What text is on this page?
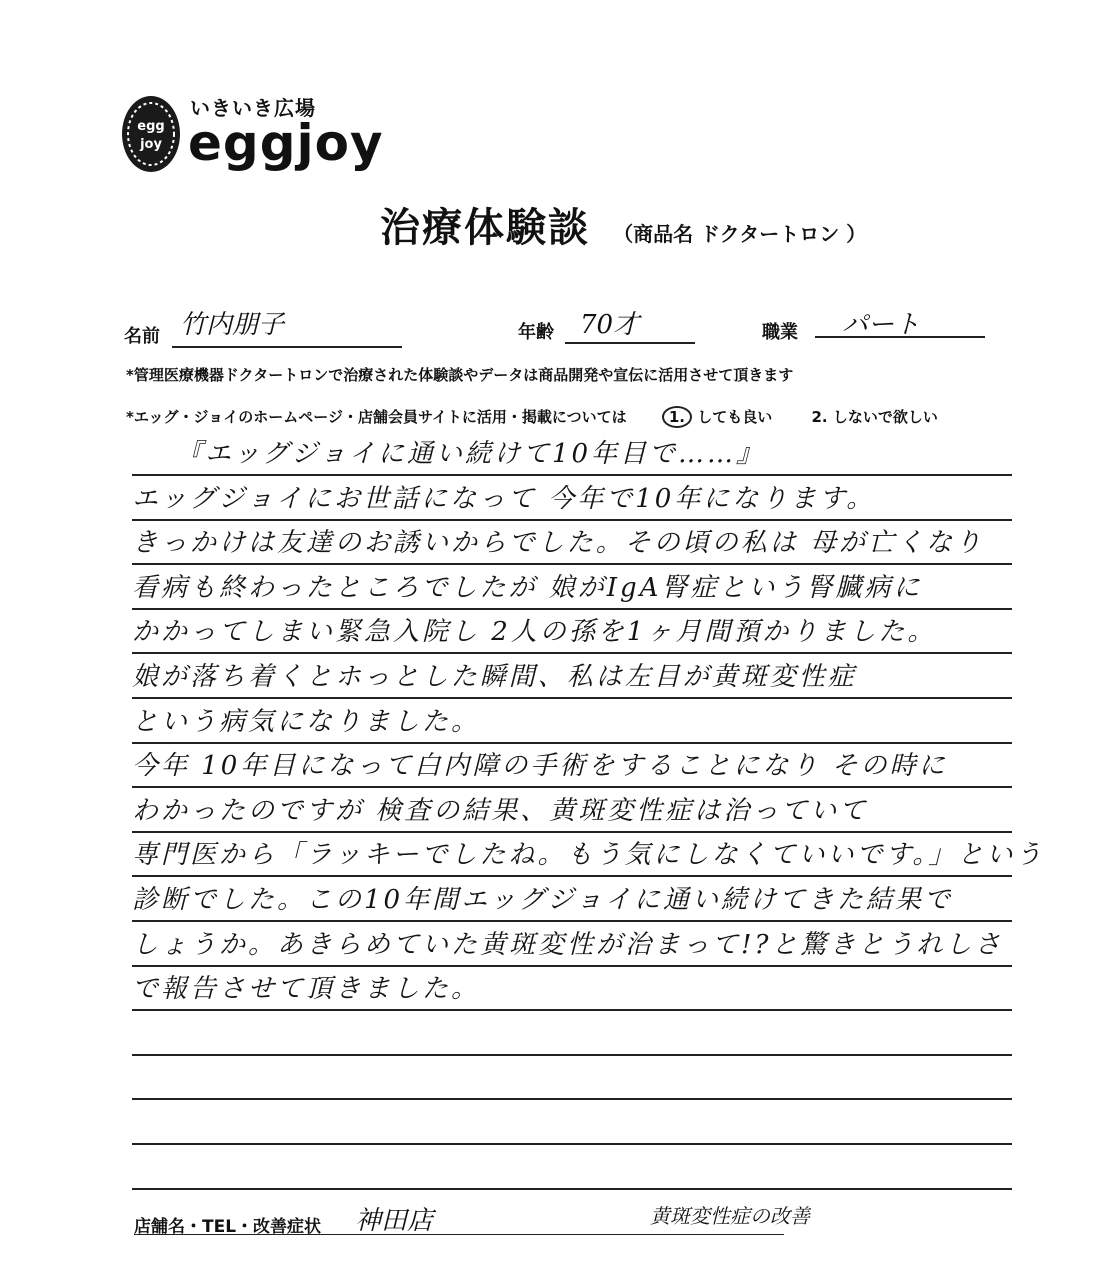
egg
joy
いきいき広場
eggjoy
治療体験談 （商品名 ドクタートロン ）
名前 竹内朋子	年齢 70才	職業 パート
*管理医療機器ドクタートロンで治療された体験談やデータは商品開発や宣伝に活用させて頂きます
*エッグ・ジョイのホームページ・店舗会員サイトに活用・掲載については	1. しても良い	2. しないで欲しい
『エッグジョイに通い続けて10年目で……』
エッグジョイにお世話になって 今年で10年になります。
きっかけは友達のお誘いからでした。その頃の私は 母が亡くなり
看病も終わったところでしたが 娘がIgA腎症という腎臓病に
かかってしまい緊急入院し 2人の孫を1ヶ月間預かりました。
娘が落ち着くとホっとした瞬間、私は左目が黄斑変性症
という病気になりました。
今年 10年目になって白内障の手術をすることになり その時に
わかったのですが 検査の結果、黄斑変性症は治っていて
専門医から「ラッキーでしたね。もう気にしなくていいです。」という
診断でした。この10年間エッグジョイに通い続けてきた結果で
しょうか。あきらめていた黄斑変性が治まって!?と驚きとうれしさ
で報告させて頂きました。
店舗名・TEL・改善症状 神田店	黄斑変性症の改善
